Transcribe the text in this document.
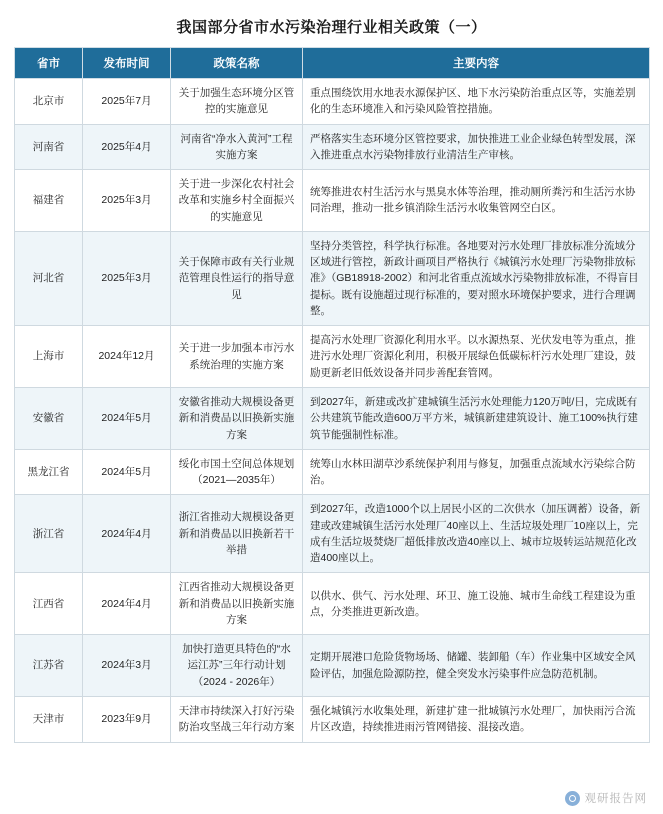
我国部分省市水污染治理行业相关政策（一）
省市	发布时间	政策名称	主要内容
北京市	2025年7月	关于加强生态环境分区管控的实施意见	重点围绕饮用水地表水源保护区、地下水污染防治重点区等，实施差别化的生态环境准入和污染风险管控措施。
河南省	2025年4月	河南省“净水入黄河”工程实施方案	严格落实生态环境分区管控要求，加快推进工业企业绿色转型发展，深入推进重点水污染物排放行业清洁生产审核。
福建省	2025年3月	关于进一步深化农村社会改革和实施乡村全面振兴的实施意见	统筹推进农村生活污水与黑臭水体等治理，推动厕所粪污和生活污水协同治理，推动一批乡镇消除生活污水收集管网空白区。
河北省	2025年3月	关于保障市政有关行业规范管理良性运行的指导意见	坚持分类管控，科学执行标准。各地要对污水处理厂排放标准分流域分区域进行管控，新政计画项目严格执行《城镇污水处理厂污染物排放标准》（GB18918-2002）和河北省重点流域水污染物排放标准，不得盲目提标。既有设施超过现行标准的，要对照水环境保护要求，进行合理调整。
上海市	2024年12月	关于进一步加强本市污水系统治理的实施方案	提高污水处理厂资源化利用水平。以水源热泵、光伏发电等为重点，推进污水处理厂资源化利用，积极开展绿色低碳标杆污水处理厂建设，鼓励更新老旧低效设备并同步善配套管网。
安徽省	2024年5月	安徽省推动大规模设备更新和消费品以旧换新实施方案	到2027年，新建或改扩建城镇生活污水处理能力120万吨/日，完成既有公共建筑节能改造600万平方米，城镇新建建筑设计、施工100%执行建筑节能强制性标准。
黑龙江省	2024年5月	绥化市国土空间总体规划（2021—2035年）	统筹山水林田湖草沙系统保护利用与修复，加强重点流域水污染综合防治。
浙江省	2024年4月	浙江省推动大规模设备更新和消费品以旧换新若干举措	到2027年，改造1000个以上居民小区的二次供水（加压调蓄）设备，新建或改建城镇生活污水处理厂40座以上、生活垃圾处理厂10座以上，完成有生活垃圾焚烧厂超低排放改造40座以上、城市垃圾转运站规范化改造400座以上。
江西省	2024年4月	江西省推动大规模设备更新和消费品以旧换新实施方案	以供水、供气、污水处理、环卫、施工设施、城市生命线工程建设为重点，分类推进更新改造。
江苏省	2024年3月	加快打造更具特色的“水运江苏”三年行动计划（2024 - 2026年）	定期开展港口危险货物场场、储罐、装卸船（车）作业集中区域安全风险评估，加强危险源防控，健全突发水污染事件应急防范机制。
天津市	2023年9月	天津市持续深入打好污染防治攻坚战三年行动方案	强化城镇污水收集处理，新建扩建一批城镇污水处理厂，加快雨污合流片区改造，持续推进雨污管网错接、混接改造。
观研报告网
